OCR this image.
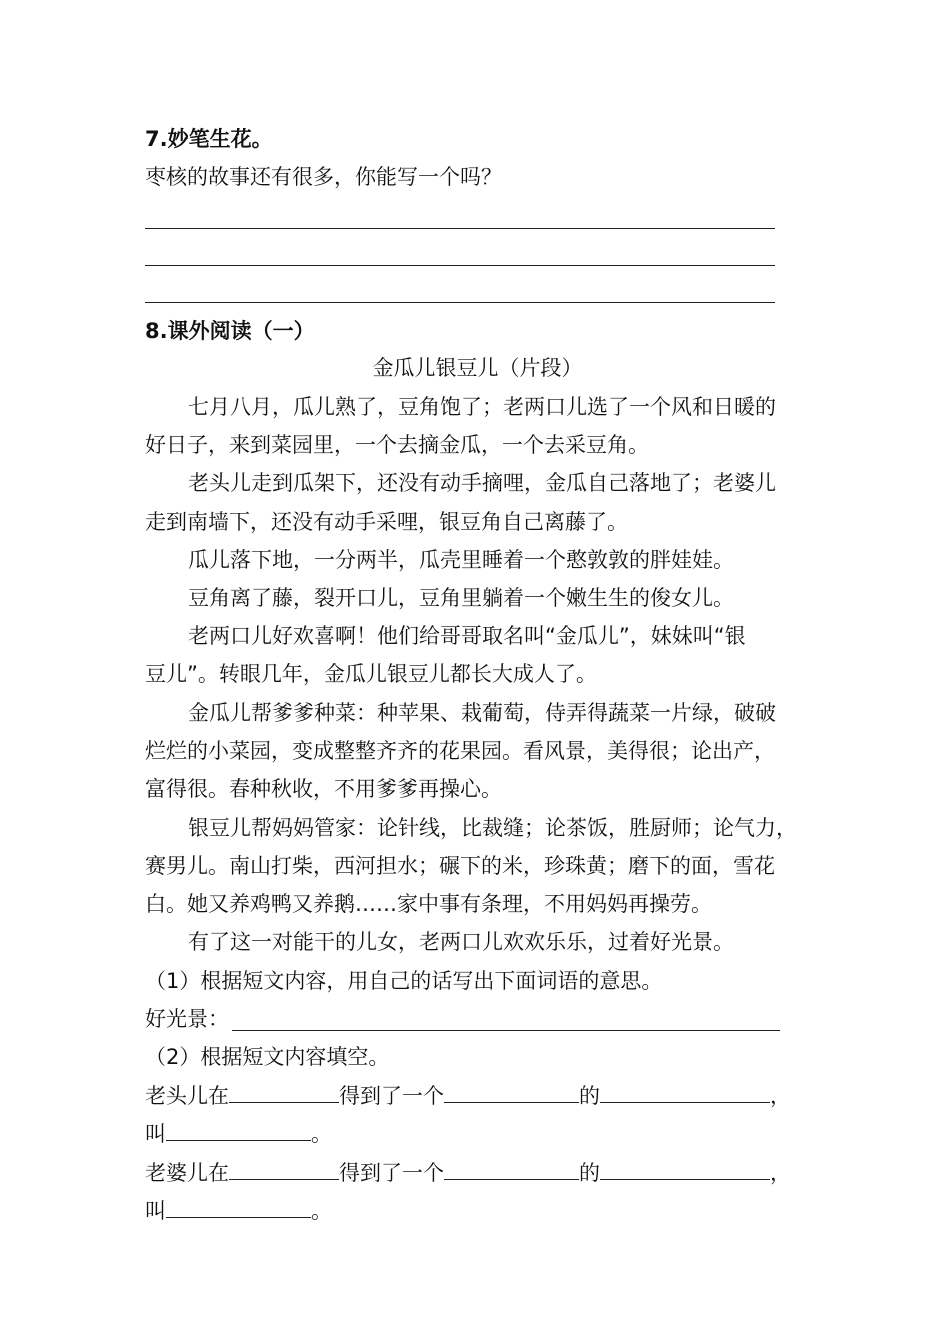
7.妙笔生花。
枣核的故事还有很多，你能写一个吗？
8.课外阅读（一）
金瓜儿银豆儿（片段）
七月八月，瓜儿熟了，豆角饱了；老两口儿选了一个风和日暖的
好日子，来到菜园里，一个去摘金瓜，一个去采豆角。
老头儿走到瓜架下，还没有动手摘哩，金瓜自己落地了；老婆儿
走到南墙下，还没有动手采哩，银豆角自己离藤了。
瓜儿落下地，一分两半，瓜壳里睡着一个憨敦敦的胖娃娃。
豆角离了藤，裂开口儿，豆角里躺着一个嫩生生的俊女儿。
老两口儿好欢喜啊！他们给哥哥取名叫“金瓜儿”，妹妹叫“银
豆儿”。转眼几年，金瓜儿银豆儿都长大成人了。
金瓜儿帮爹爹种菜：种苹果、栽葡萄，侍弄得蔬菜一片绿，破破
烂烂的小菜园，变成整整齐齐的花果园。看风景，美得很；论出产，
富得很。春种秋收，不用爹爹再操心。
银豆儿帮妈妈管家：论针线，比裁缝；论茶饭，胜厨师；论气力，
赛男儿。南山打柴，西河担水；碾下的米，珍珠黄；磨下的面，雪花
白。她又养鸡鸭又养鹅……家中事有条理，不用妈妈再操劳。
有了这一对能干的儿女，老两口儿欢欢乐乐，过着好光景。
（1）根据短文内容，用自己的话写出下面词语的意思。
好光景：
（2）根据短文内容填空。
老头儿在	得到了一个	的	，
叫	。
老婆儿在	得到了一个	的	，
叫	。
